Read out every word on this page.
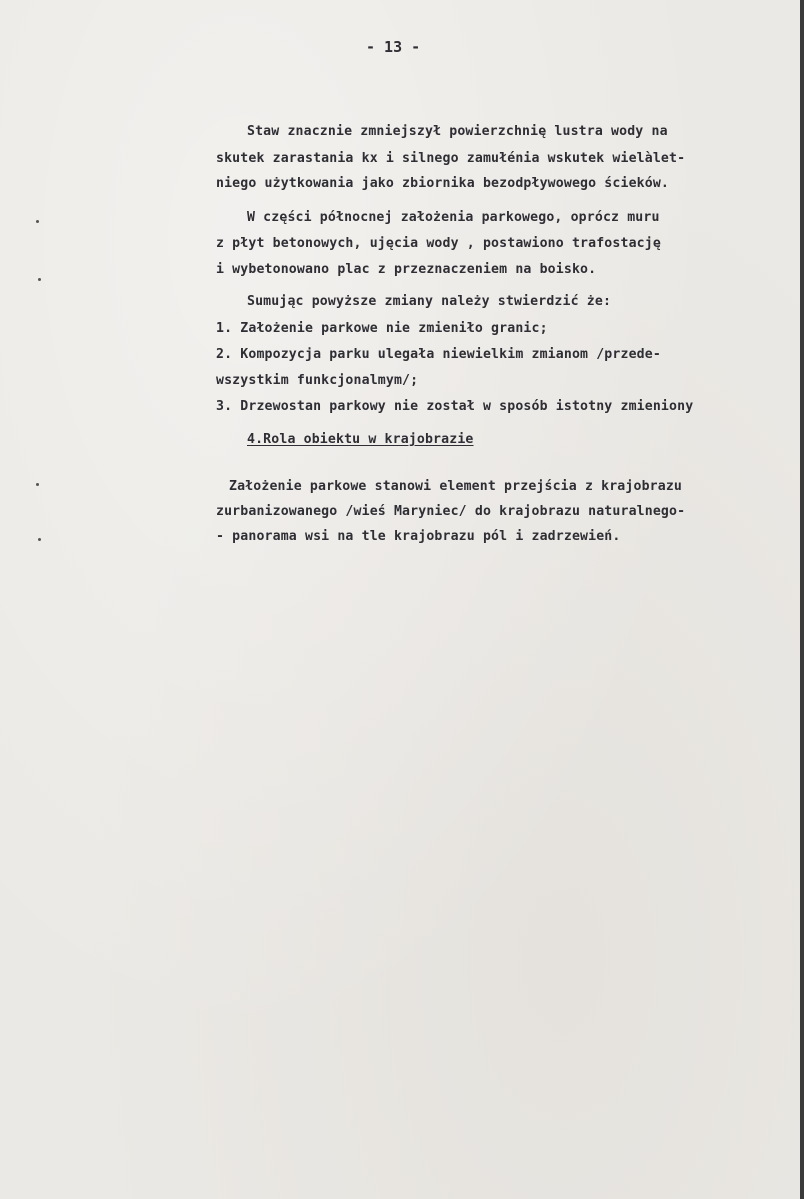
- 13 -
Staw znacznie zmniejszył powierzchnię lustra wody na
skutek zarastania kx i silnego zamułénia wskutek wielàlet-
niego użytkowania jako zbiornika bezodpływowego ścieków.
W części północnej założenia parkowego, oprócz muru
z płyt betonowych, ujęcia wody , postawiono trafostację
i wybetonowano plac z przeznaczeniem na boisko.
Sumując powyższe zmiany należy stwierdzić że:
1. Założenie parkowe nie zmieniło granic;
2. Kompozycja parku ulegała niewielkim zmianom /przede-
wszystkim funkcjonalmym/;
3. Drzewostan parkowy nie został w sposób istotny zmieniony
4.Rola obiektu w krajobrazie
Założenie parkowe stanowi element przejścia z krajobrazu
zurbanizowanego /wieś Maryniec/ do krajobrazu naturalnego-
- panorama wsi na tle krajobrazu pól i zadrzewień.
